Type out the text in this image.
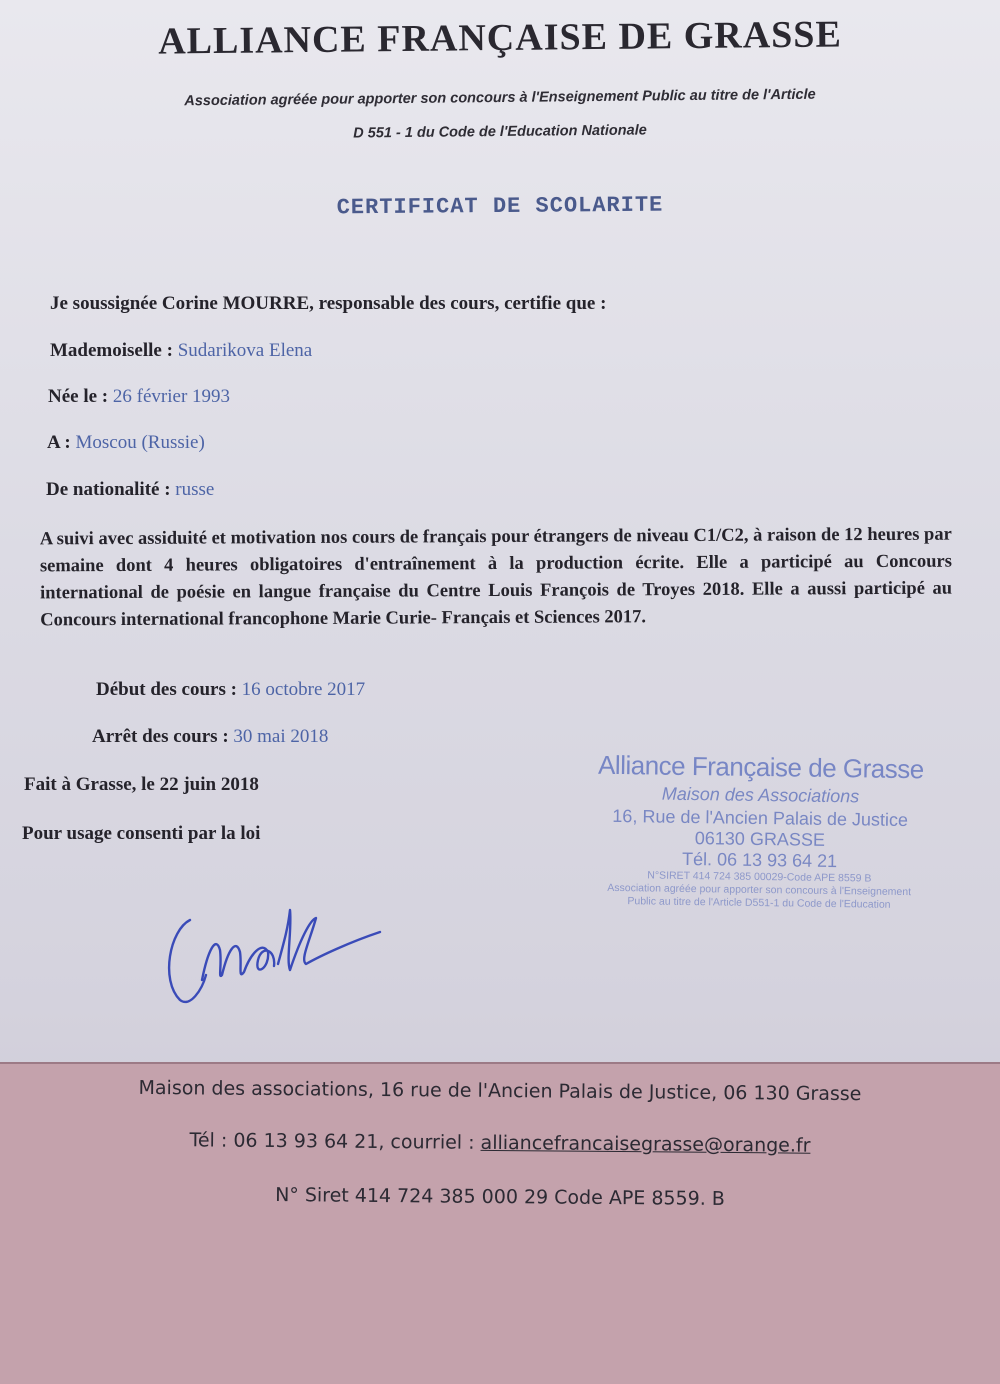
ALLIANCE FRANÇAISE DE GRASSE
Association agréée pour apporter son concours à l'Enseignement Public au titre de l'Article
D 551 - 1 du Code de l'Education Nationale
CERTIFICAT DE SCOLARITE
Je soussignée Corine MOURRE, responsable des cours, certifie que :
Mademoiselle : Sudarikova Elena
Née le : 26 février 1993
A : Moscou (Russie)
De nationalité : russe
A suivi avec assiduité et motivation nos cours de français pour étrangers de niveau C1/C2, à raison de 12 heures par semaine dont 4 heures obligatoires d'entraînement à la production écrite. Elle a participé au Concours international de poésie en langue française du Centre Louis François de Troyes 2018. Elle a aussi participé au Concours international francophone Marie Curie- Français et Sciences 2017.
Début des cours : 16 octobre 2017
Arrêt des cours : 30 mai 2018
Fait à Grasse, le 22 juin 2018
Pour usage consenti par la loi
Alliance Française de Grasse
Maison des Associations
16, Rue de l'Ancien Palais de Justice
06130 GRASSE
Tél. 06 13 93 64 21
N°SIRET 414 724 385 00029-Code APE 8559 B
Association agréée pour apporter son concours à l'Enseignement
Public au titre de l'Article D551-1 du Code de l'Education
Maison des associations, 16 rue de l'Ancien Palais de Justice, 06 130 Grasse
Tél : 06 13 93 64 21, courriel : alliancefrancaisegrasse@orange.fr
N° Siret 414 724 385 000 29 Code APE 8559. B
